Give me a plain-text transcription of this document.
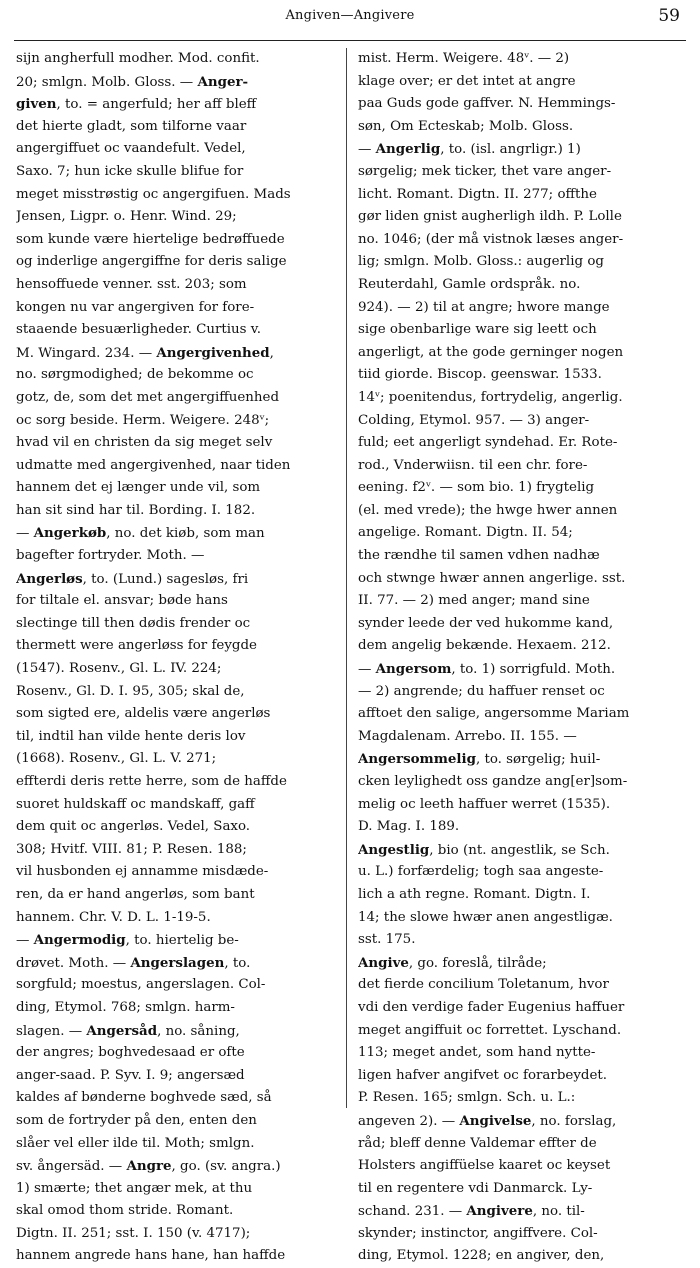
Angiven—Angivere	59
sijn angherfull modher. Mod. confit.
20; smlgn. Molb. Gloss. — Anger-
given, to. = angerfuld; her aff bleff
det hierte gladt, som tilforne vaar
angergiffuet oc vaandefult. Vedel,
Saxo. 7; hun icke skulle blifue for
meget misstrøstig oc angergifuen. Mads
Jensen, Ligpr. o. Henr. Wind. 29;
som kunde være hiertelige bedrøffuede
og inderlige angergiffne for deris salige
hensoffuede venner. sst. 203; som
kongen nu var angergiven for fore-
staaende besuærligheder. Curtius v.
M. Wingard. 234. — Angergivenhed,
no. sørgmodighed; de bekomme oc
gotz, de, som det met angergiffuenhed
oc sorg beside. Herm. Weigere. 248ᵛ;
hvad vil en christen da sig meget selv
udmatte med angergivenhed, naar tiden
hannem det ej længer unde vil, som
han sit sind har til. Bording. I. 182.
— Angerkøb, no. det kiøb, som man
bagefter fortryder. Moth. —
Angerløs, to. (Lund.) sagesløs, fri
for tiltale el. ansvar; bøde hans
slectinge till then dødis frender oc
thermett were angerløss for feygde
(1547). Rosenv., Gl. L. IV. 224;
Rosenv., Gl. D. I. 95, 305; skal de,
som sigted ere, aldelis være angerløs
til, indtil han vilde hente deris lov
(1668). Rosenv., Gl. L. V. 271;
effterdi deris rette herre, som de haffde
suoret huldskaff oc mandskaff, gaff
dem quit oc angerløs. Vedel, Saxo.
308; Hvitf. VIII. 81; P. Resen. 188;
vil husbonden ej annamme misdæde-
ren, da er hand angerløs, som bant
hannem. Chr. V. D. L. 1-19-5.
— Angermodig, to. hiertelig be-
drøvet. Moth. — Angerslagen, to.
sorgfuld; moestus, angerslagen. Col-
ding, Etymol. 768; smlgn. harm-
slagen. — Angersåd, no. såning,
der angres; boghvedesaad er ofte
anger-saad. P. Syv. I. 9; angersæd
kaldes af bønderne boghvede sæd, så
som de fortryder på den, enten den
slåer vel eller ilde til. Moth; smlgn.
sv. ångersäd. — Angre, go. (sv. angra.)
1) smærte; thet angær mek, at thu
skal omod thom stride. Romant.
Digtn. II. 251; sst. I. 150 (v. 4717);
hannem angrede hans hane, han haffde
mist. Herm. Weigere. 48ᵛ. — 2)
klage over; er det intet at angre
paa Guds gode gaffver. N. Hemmings-
søn, Om Ecteskab; Molb. Gloss.
— Angerlig, to. (isl. angrligr.) 1)
sørgelig; mek ticker, thet vare anger-
licht. Romant. Digtn. II. 277; offthe
gør liden gnist augherligh ildh. P. Lolle
no. 1046; (der må vistnok læses anger-
lig; smlgn. Molb. Gloss.: augerlig og
Reuterdahl, Gamle ordspråk. no.
924). — 2) til at angre; hwore mange
sige obenbarlige ware sig leett och
angerligt, at the gode gerninger nogen
tiid giorde. Biscop. geenswar. 1533.
14ᵛ; poenitendus, fortrydelig, angerlig.
Colding, Etymol. 957. — 3) anger-
fuld; eet angerligt syndehad. Er. Rote-
rod., Vnderwiisn. til een chr. fore-
eening. f2ᵛ. — som bio. 1) frygtelig
(el. med vrede); the hwge hwer annen
angelige. Romant. Digtn. II. 54;
the rændhe til samen vdhen nadhæ
och stwnge hwær annen angerlige. sst.
II. 77. — 2) med anger; mand sine
synder leede der ved hukomme kand,
dem angelig bekænde. Hexaem. 212.
— Angersom, to. 1) sorrigfuld. Moth.
— 2) angrende; du haffuer renset oc
afftoet den salige, angersomme Mariam
Magdalenam. Arrebo. II. 155. —
Angersommelig, to. sørgelig; huil-
cken leylighedt oss gandze ang[er]som-
melig oc leeth haffuer werret (1535).
D. Mag. I. 189.
Angestlig, bio (nt. angestlik, se Sch.
u. L.) forfærdelig; togh saa angeste-
lich a ath regne. Romant. Digtn. I.
14; the slowe hwær anen angestligæ.
sst. 175.
Angive, go. foreslå, tilråde;
det fierde concilium Toletanum, hvor
vdi den verdige fader Eugenius haffuer
meget angiffuit oc forrettet. Lyschand.
113; meget andet, som hand nytte-
ligen hafver angifvet oc forarbeydet.
P. Resen. 165; smlgn. Sch. u. L.:
angeven 2). — Angivelse, no. forslag,
råd; bleff denne Valdemar effter de
Holsters angiffüelse kaaret oc keyset
til en regentere vdi Danmarck. Ly-
schand. 231. — Angivere, no. til-
skynder; instinctor, angiffvere. Col-
ding, Etymol. 1228; en angiver, den,
